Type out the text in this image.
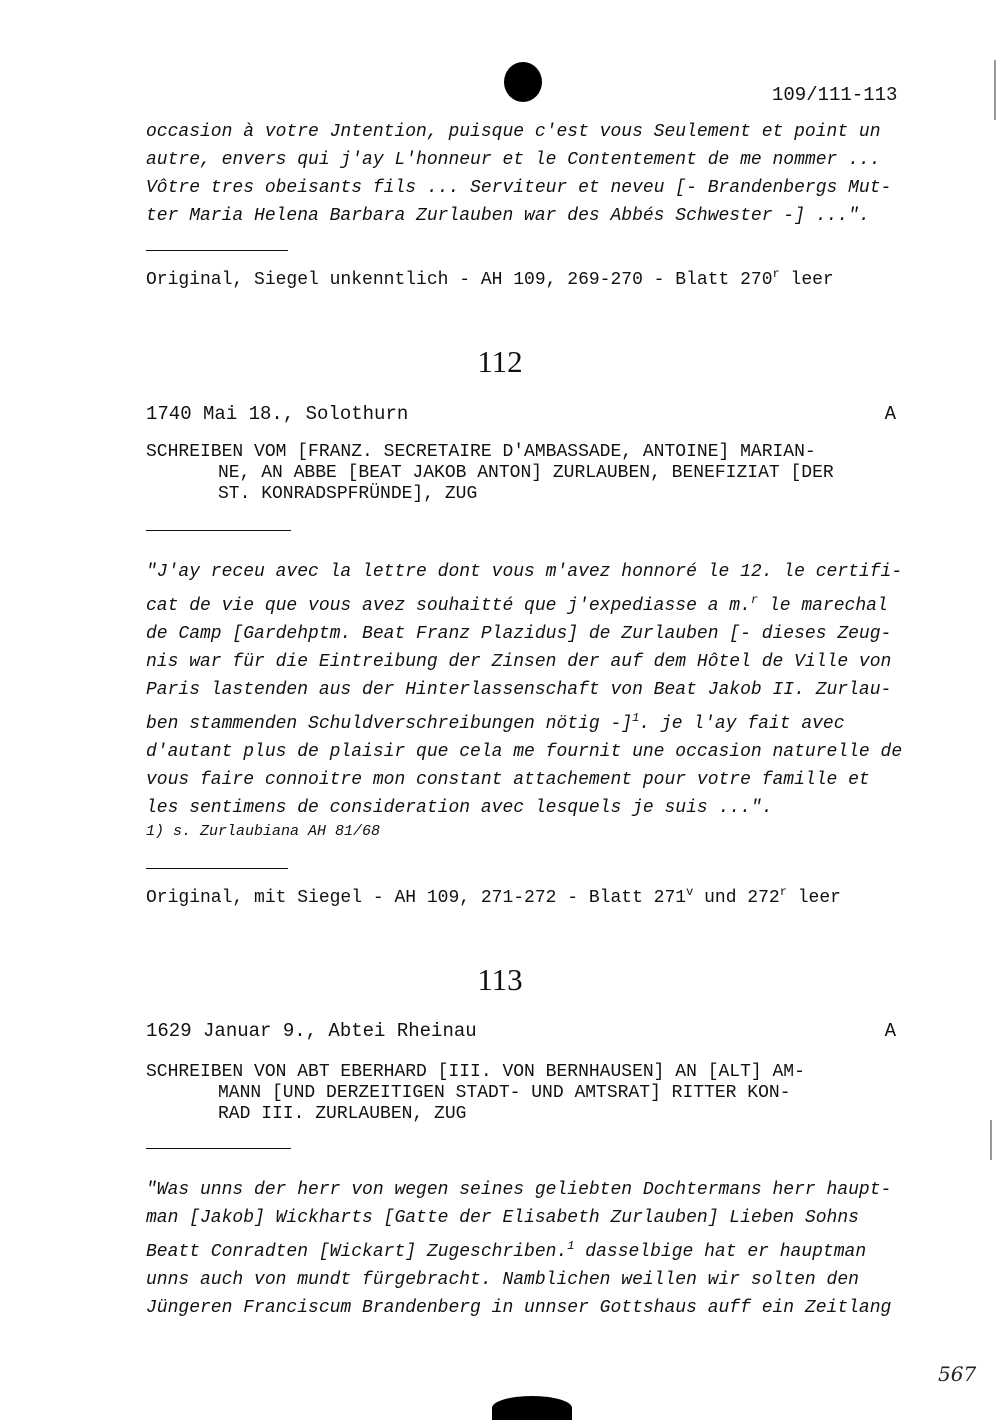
109/111-113
occasion à votre Jntention, puisque c'est vous Seulement et point un
autre, envers qui j'ay L'honneur et le Contentement de me nommer ...
Vôtre tres obeisants fils ... Serviteur et neveu [- Brandenbergs Mut-
ter Maria Helena Barbara Zurlauben war des Abbés Schwester -] ...".
Original, Siegel unkenntlich - AH 109, 269-270 - Blatt 270$^r$ leer
112
1740 Mai 18., Solothurn	A
SCHREIBEN VOM [FRANZ. SECRETAIRE D'AMBASSADE, ANTOINE] MARIAN-
NE, AN ABBE [BEAT JAKOB ANTON] ZURLAUBEN, BENEFIZIAT [DER
ST. KONRADSPFRÜNDE], ZUG
"J'ay receu avec la lettre dont vous m'avez honnoré le 12. le certifi-
cat de vie que vous avez souhaitté que j'expediasse a m.$^r$ le marechal
de Camp [Gardehptm. Beat Franz Plazidus] de Zurlauben [- dieses Zeug-
nis war für die Eintreibung der Zinsen der auf dem Hôtel de Ville von
Paris lastenden aus der Hinterlassenschaft von Beat Jakob II. Zurlau-
ben stammenden Schuldverschreibungen nötig -]$^1$. je l'ay fait avec
d'autant plus de plaisir que cela me fournit une occasion naturelle de
vous faire connoitre mon constant attachement pour votre famille et
les sentimens de consideration avec lesquels je suis ...".
1) s. Zurlaubiana AH 81/68
Original, mit Siegel - AH 109, 271-272 - Blatt 271$^v$ und 272$^r$ leer
113
1629 Januar 9., Abtei Rheinau	A
SCHREIBEN VON ABT EBERHARD [III. VON BERNHAUSEN] AN [ALT] AM-
MANN [UND DERZEITIGEN STADT- UND AMTSRAT] RITTER KON-
RAD III. ZURLAUBEN, ZUG
"Was unns der herr von wegen seines geliebten Dochtermans herr haupt-
man [Jakob] Wickharts [Gatte der Elisabeth Zurlauben] Lieben Sohns
Beatt Conradten [Wickart] Zugeschriben.$^1$ dasselbige hat er hauptman
unns auch von mundt fürgebracht. Namblichen weillen wir solten den
Jüngeren Franciscum Brandenberg in unnser Gottshaus auff ein Zeitlang
567
